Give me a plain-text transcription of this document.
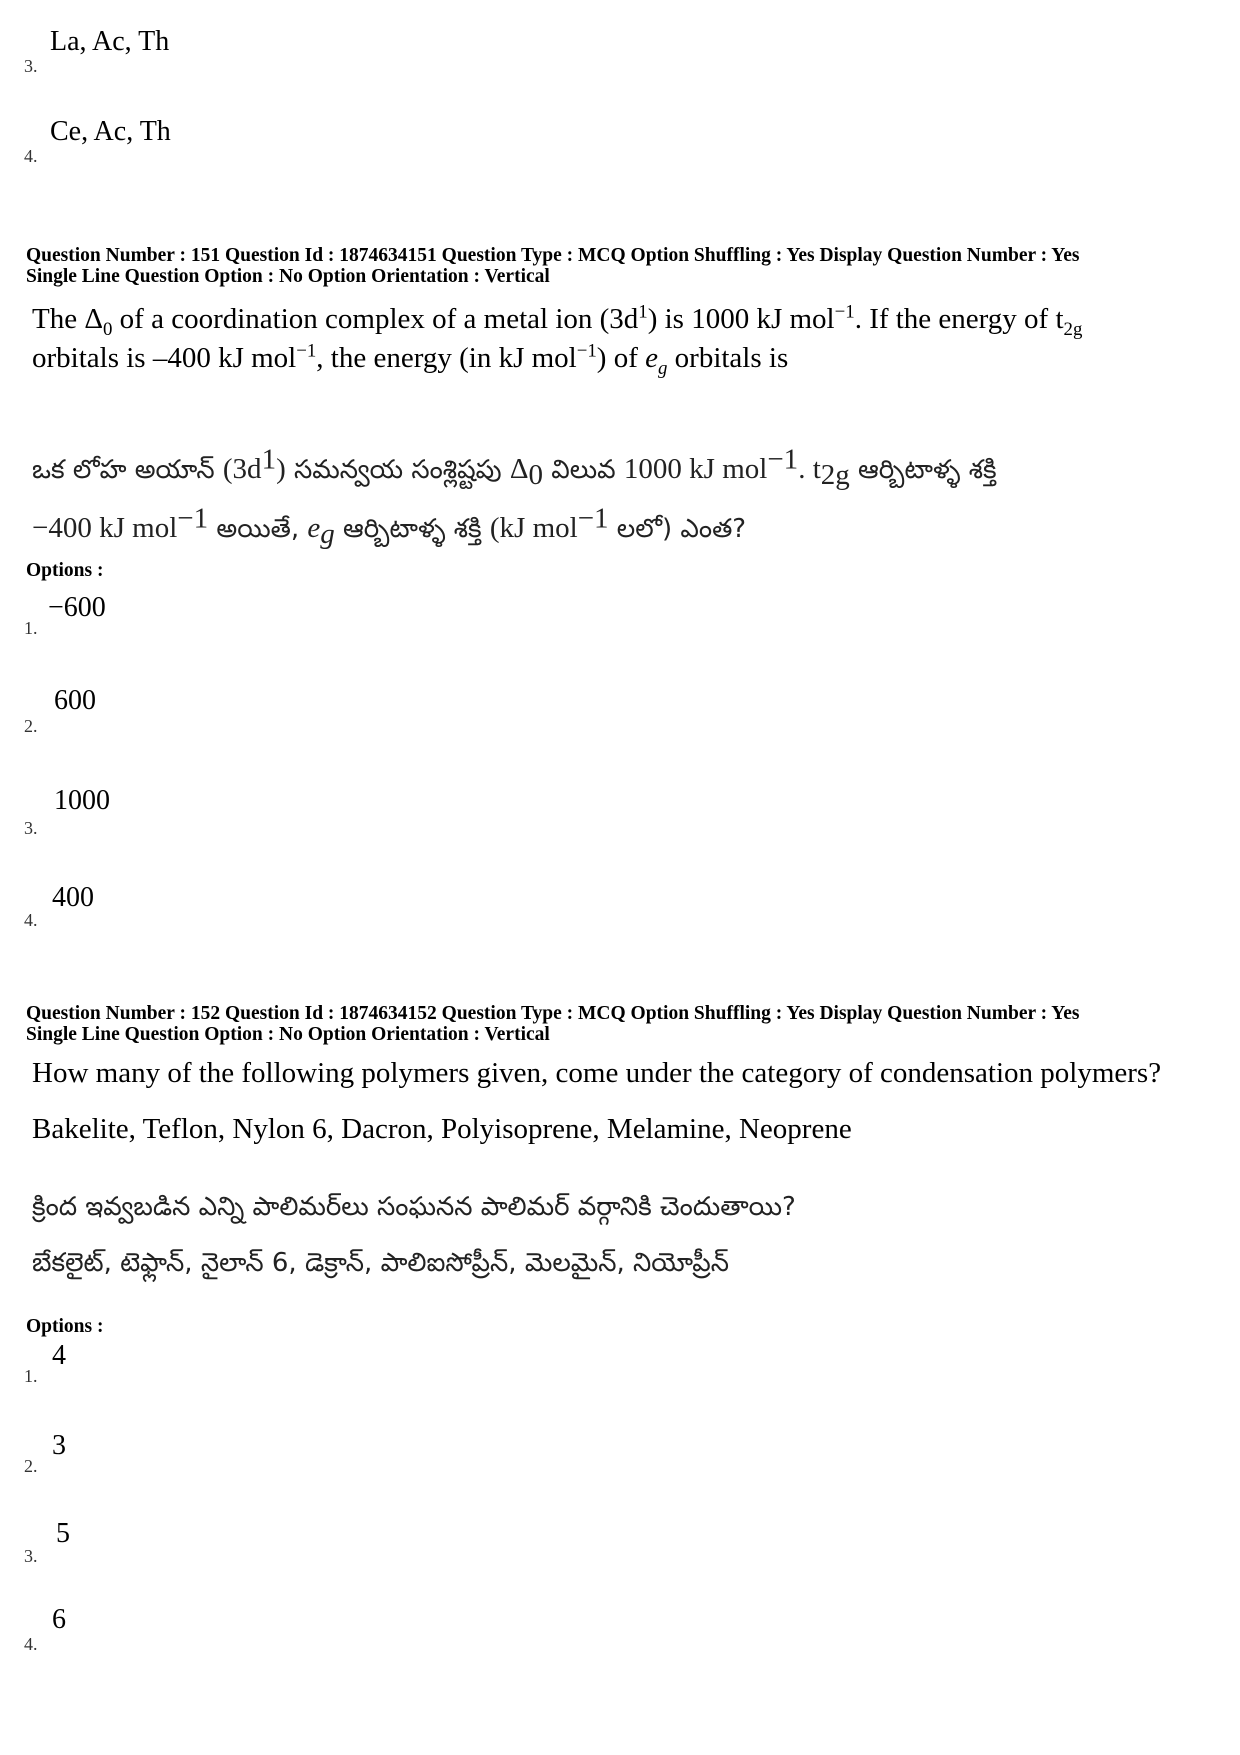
3.
La, Ac, Th
4.
Ce, Ac, Th
Question Number : 151 Question Id : 1874634151 Question Type : MCQ Option Shuffling : Yes Display Question Number : Yes
Single Line Question Option : No Option Orientation : Vertical
The $\Delta_0$ of a coordination complex of a metal ion $(3d^1)$ is 1000 kJ mol$^{-1}$. If the energy of $t_{2g}$
orbitals is –400 kJ mol$^{-1}$, the energy (in kJ mol$^{-1}$) of $e_g$ orbitals is
ఒక లోహ అయాన్ $(3d^1)$ సమన్వయ సంశ్లిష్టపు $\Delta_0$ విలువ 1000 kJ mol$^{-1}$. $t_{2g}$ ఆర్బిటాళ్ళ శక్తి
−400 kJ mol$^{-1}$ అయితే, $e_g$ ఆర్బిటాళ్ళ శక్తి (kJ mol$^{-1}$ లలో) ఎంత?
Options :
1.
−600
2.
600
3.
1000
4.
400
Question Number : 152 Question Id : 1874634152 Question Type : MCQ Option Shuffling : Yes Display Question Number : Yes
Single Line Question Option : No Option Orientation : Vertical
How many of the following polymers given, come under the category of condensation polymers?
Bakelite, Teflon, Nylon 6, Dacron, Polyisoprene, Melamine, Neoprene
క్రింద ఇవ్వబడిన ఎన్ని పాలిమర్‌లు సంఘనన పాలిమర్ వర్గానికి చెందుతాయి?
బేకలైట్, టెఫ్లాన్, నైలాన్ 6, డెక్రాన్, పాలిఐసోప్రీన్, మెలమైన్, నియోప్రీన్
Options :
1.
4
2.
3
3.
5
4.
6
